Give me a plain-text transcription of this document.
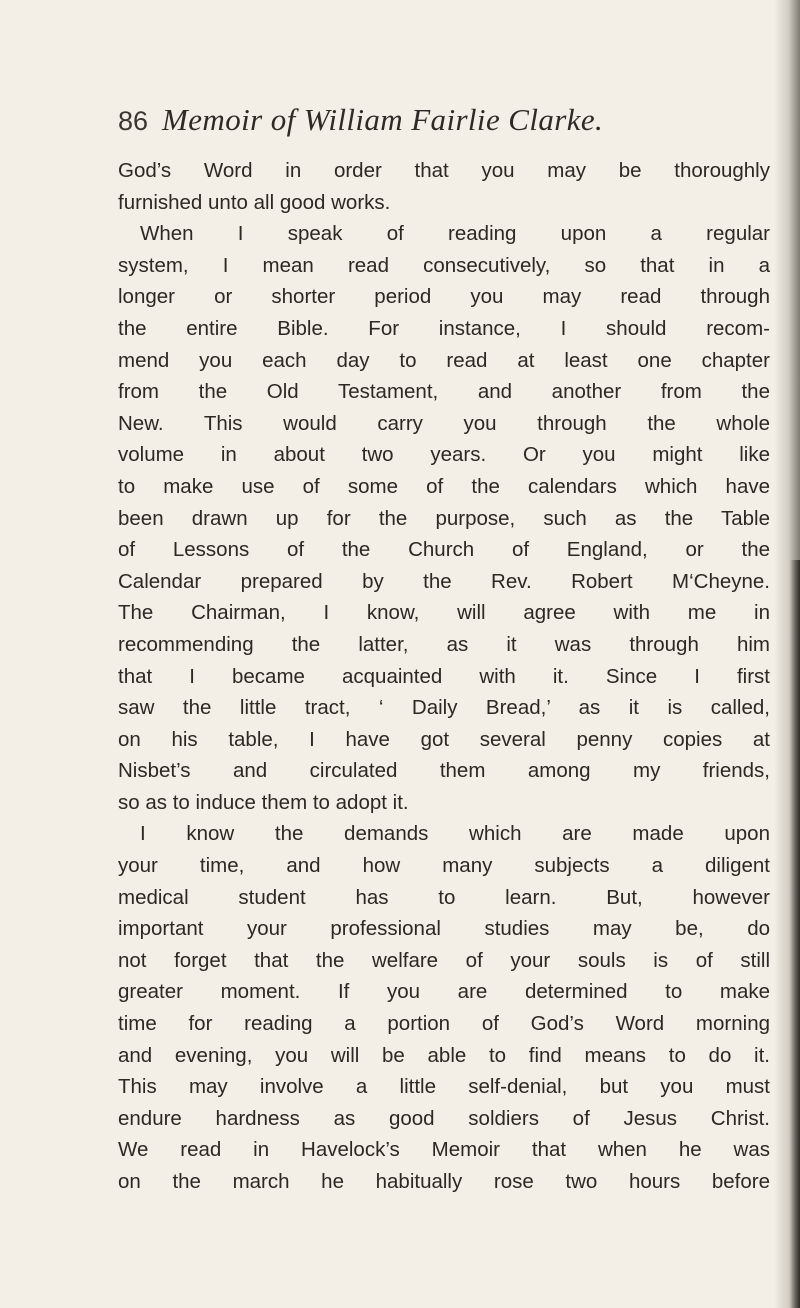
86 Memoir of William Fairlie Clarke.
God’s Word in order that you may be thoroughly
furnished unto all good works.
When I speak of reading upon a regular
system, I mean read consecutively, so that in a
longer or shorter period you may read through
the entire Bible. For instance, I should recom-
mend you each day to read at least one chapter
from the Old Testament, and another from the
New. This would carry you through the whole
volume in about two years. Or you might like
to make use of some of the calendars which have
been drawn up for the purpose, such as the Table
of Lessons of the Church of England, or the
Calendar prepared by the Rev. Robert M‘Cheyne.
The Chairman, I know, will agree with me in
recommending the latter, as it was through him
that I became acquainted with it. Since I first
saw the little tract, ‘ Daily Bread,’ as it is called,
on his table, I have got several penny copies at
Nisbet’s and circulated them among my friends,
so as to induce them to adopt it.
I know the demands which are made upon
your time, and how many subjects a diligent
medical student has to learn. But, however
important your professional studies may be, do
not forget that the welfare of your souls is of still
greater moment. If you are determined to make
time for reading a portion of God’s Word morning
and evening, you will be able to find means to do it.
This may involve a little self-denial, but you must
endure hardness as good soldiers of Jesus Christ.
We read in Havelock’s Memoir that when he was
on the march he habitually rose two hours before
